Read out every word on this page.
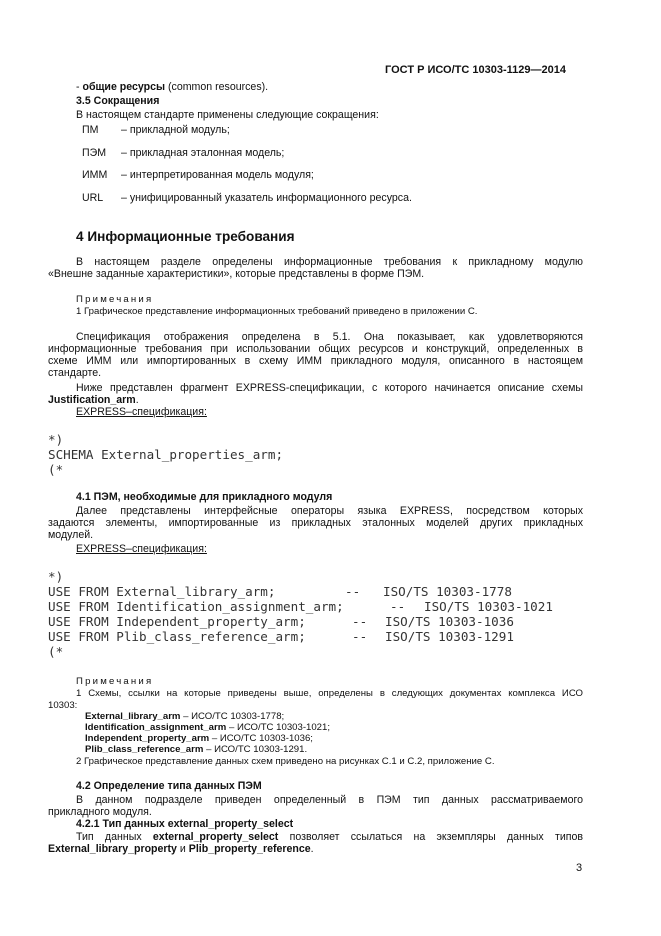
ГОСТ Р ИСО/ТС 10303-1129—2014
- общие ресурсы (common resources).
3.5 Сокращения
В настоящем стандарте применены следующие сокращения:
ПМ – прикладной модуль;
ПЭМ – прикладная эталонная модель;
ИММ – интерпретированная модель модуля;
URL – унифицированный указатель информационного ресурса.
4 Информационные требования
В настоящем разделе определены информационные требования к прикладному модулю
«Внешне заданные характеристики», которые представлены в форме ПЭМ.
Примечания
1 Графическое представление информационных требований приведено в приложении С.
Спецификация отображения определена в 5.1. Она показывает, как удовлетворяются
информационные требования при использовании общих ресурсов и конструкций, определенных в
схеме ИММ или импортированных в схему ИММ прикладного модуля, описанного в настоящем
стандарте.
Ниже представлен фрагмент EXPRESS-спецификации, с которого начинается описание схемы
Justification_arm.
EXPRESS–спецификация:
*)
SCHEMA External_properties_arm;
(*
4.1 ПЭМ, необходимые для прикладного модуля
Далее представлены интерфейсные операторы языка EXPRESS, посредством которых
задаются элементы, импортированные из прикладных эталонных моделей других прикладных
модулей.
EXPRESS–спецификация:
*)
USE FROM External_library_arm;	-- ISO/TS 10303-1778
USE FROM Identification_assignment_arm;	-- ISO/TS 10303-1021
USE FROM Independent_property_arm;	-- ISO/TS 10303-1036
USE FROM Plib_class_reference_arm;	-- ISO/TS 10303-1291
(*
Примечания
1 Схемы, ссылки на которые приведены выше, определены в следующих документах комплекса ИСО
10303:
External_library_arm – ИСО/ТС 10303-1778;
Identification_assignment_arm – ИСО/ТС 10303-1021;
Independent_property_arm – ИСО/ТС 10303-1036;
Plib_class_reference_arm – ИСО/ТС 10303-1291.
2 Графическое представление данных схем приведено на рисунках С.1 и С.2, приложение С.
4.2 Определение типа данных ПЭМ
В данном подразделе приведен определенный в ПЭМ тип данных рассматриваемого
прикладного модуля.
4.2.1 Тип данных external_property_select
Тип данных external_property_select позволяет ссылаться на экземпляры данных типов
External_library_property и Plib_property_reference.
3
